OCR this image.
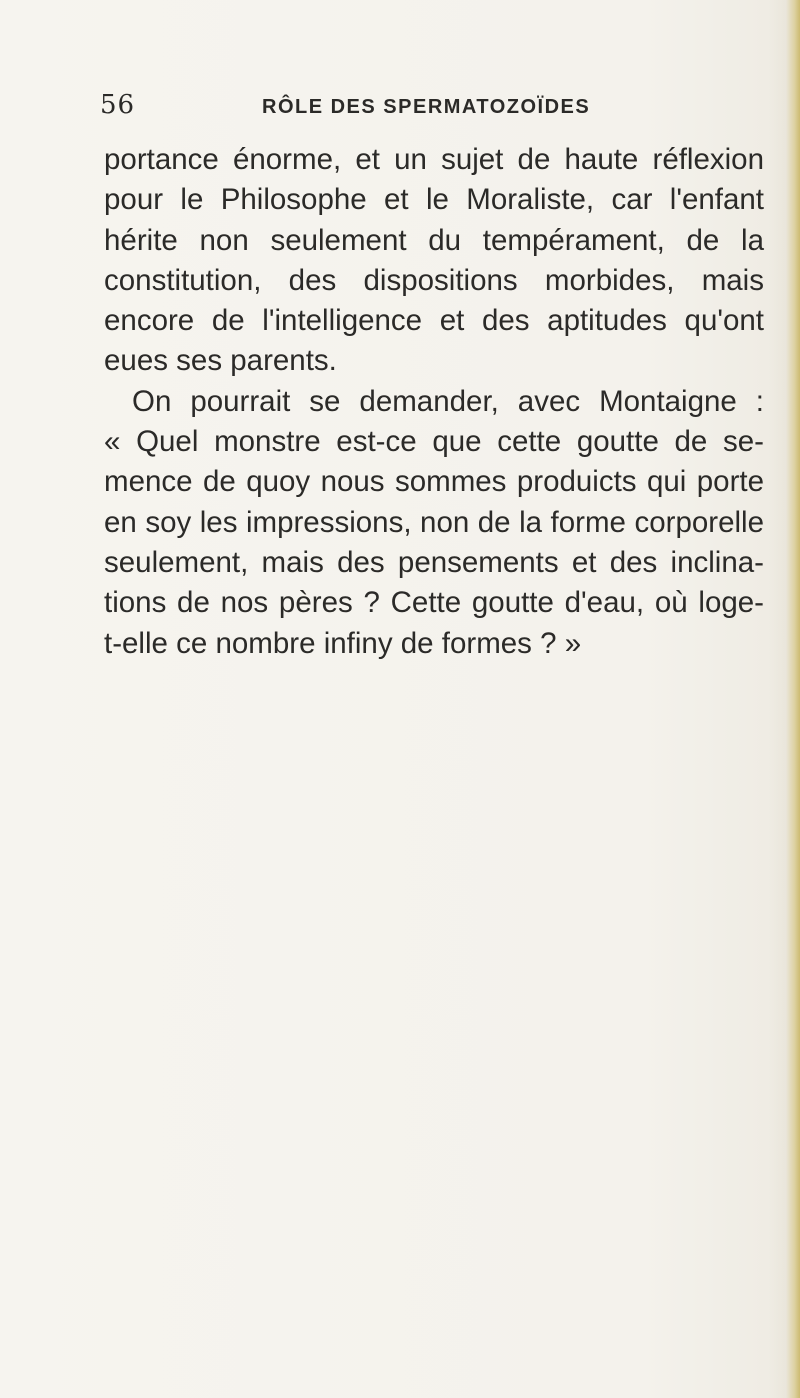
56	RÔLE DES SPERMATOZOÏDES
portance énorme, et un sujet de haute réflexion
pour le Philosophe et le Moraliste, car l'enfant
hérite non seulement du tempérament, de la
constitution, des dispositions morbides, mais
encore de l'intelligence et des aptitudes qu'ont
eues ses parents.
On pourrait se demander, avec Montaigne :
« Quel monstre est-ce que cette goutte de se-
mence de quoy nous sommes produicts qui porte
en soy les impressions, non de la forme corporelle
seulement, mais des pensements et des inclina-
tions de nos pères ? Cette goutte d'eau, où loge-
t-elle ce nombre infiny de formes ? »
